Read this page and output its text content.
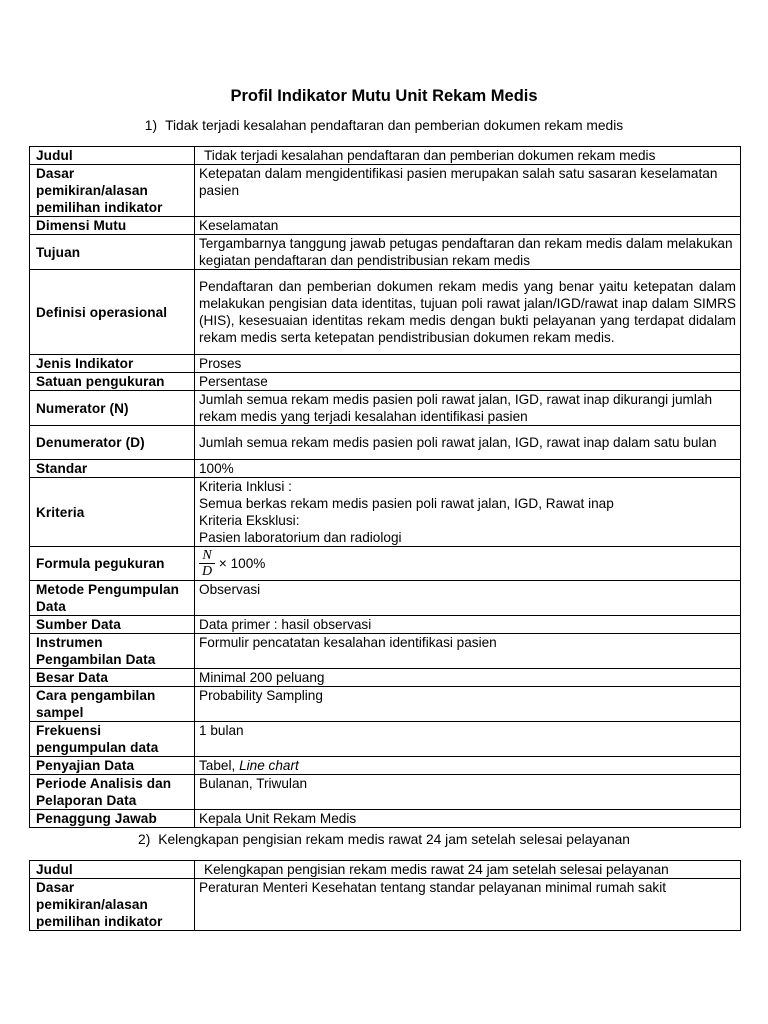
Profil Indikator Mutu Unit Rekam Medis
1) Tidak terjadi kesalahan pendaftaran dan pemberian dokumen rekam medis
Judul	Tidak terjadi kesalahan pendaftaran dan pemberian dokumen rekam medis
Dasar pemikiran/alasan pemilihan indikator	Ketepatan dalam mengidentifikasi pasien merupakan salah satu sasaran keselamatan pasien
Dimensi Mutu	Keselamatan
Tujuan	Tergambarnya tanggung jawab petugas pendaftaran dan rekam medis dalam melakukan kegiatan pendaftaran dan pendistribusian rekam medis
Definisi operasional	Pendaftaran dan pemberian dokumen rekam medis yang benar yaitu ketepatan dalam melakukan pengisian data identitas, tujuan poli rawat jalan/IGD/rawat inap dalam SIMRS (HIS), kesesuaian identitas rekam medis dengan bukti pelayanan yang terdapat didalam rekam medis serta ketepatan pendistribusian dokumen rekam medis.
Jenis Indikator	Proses
Satuan pengukuran	Persentase
Numerator (N)	Jumlah semua rekam medis pasien poli rawat jalan, IGD, rawat inap dikurangi jumlah rekam medis yang terjadi kesalahan identifikasi pasien
Denumerator (D)	Jumlah semua rekam medis pasien poli rawat jalan, IGD, rawat inap dalam satu bulan
Standar	100%
Kriteria	Kriteria Inklusi :
Semua berkas rekam medis pasien poli rawat jalan, IGD, Rawat inap
Kriteria Eksklusi:
Pasien laboratorium dan radiologi

Formula pegukuran	$\frac{N}{D} \times 100\%$
Metode Pengumpulan Data	Observasi
Sumber Data	Data primer : hasil observasi
Instrumen Pengambilan Data	Formulir pencatatan kesalahan identifikasi pasien
Besar Data	Minimal 200 peluang
Cara pengambilan sampel	Probability Sampling
Frekuensi pengumpulan data	1 bulan
Penyajian Data	Tabel, Line chart
Periode Analisis dan Pelaporan Data	Bulanan, Triwulan
Penaggung Jawab	Kepala Unit Rekam Medis
2) Kelengkapan pengisian rekam medis rawat 24 jam setelah selesai pelayanan
Judul	Kelengkapan pengisian rekam medis rawat 24 jam setelah selesai pelayanan
Dasar pemikiran/alasan pemilihan indikator	Peraturan Menteri Kesehatan tentang standar pelayanan minimal rumah sakit
